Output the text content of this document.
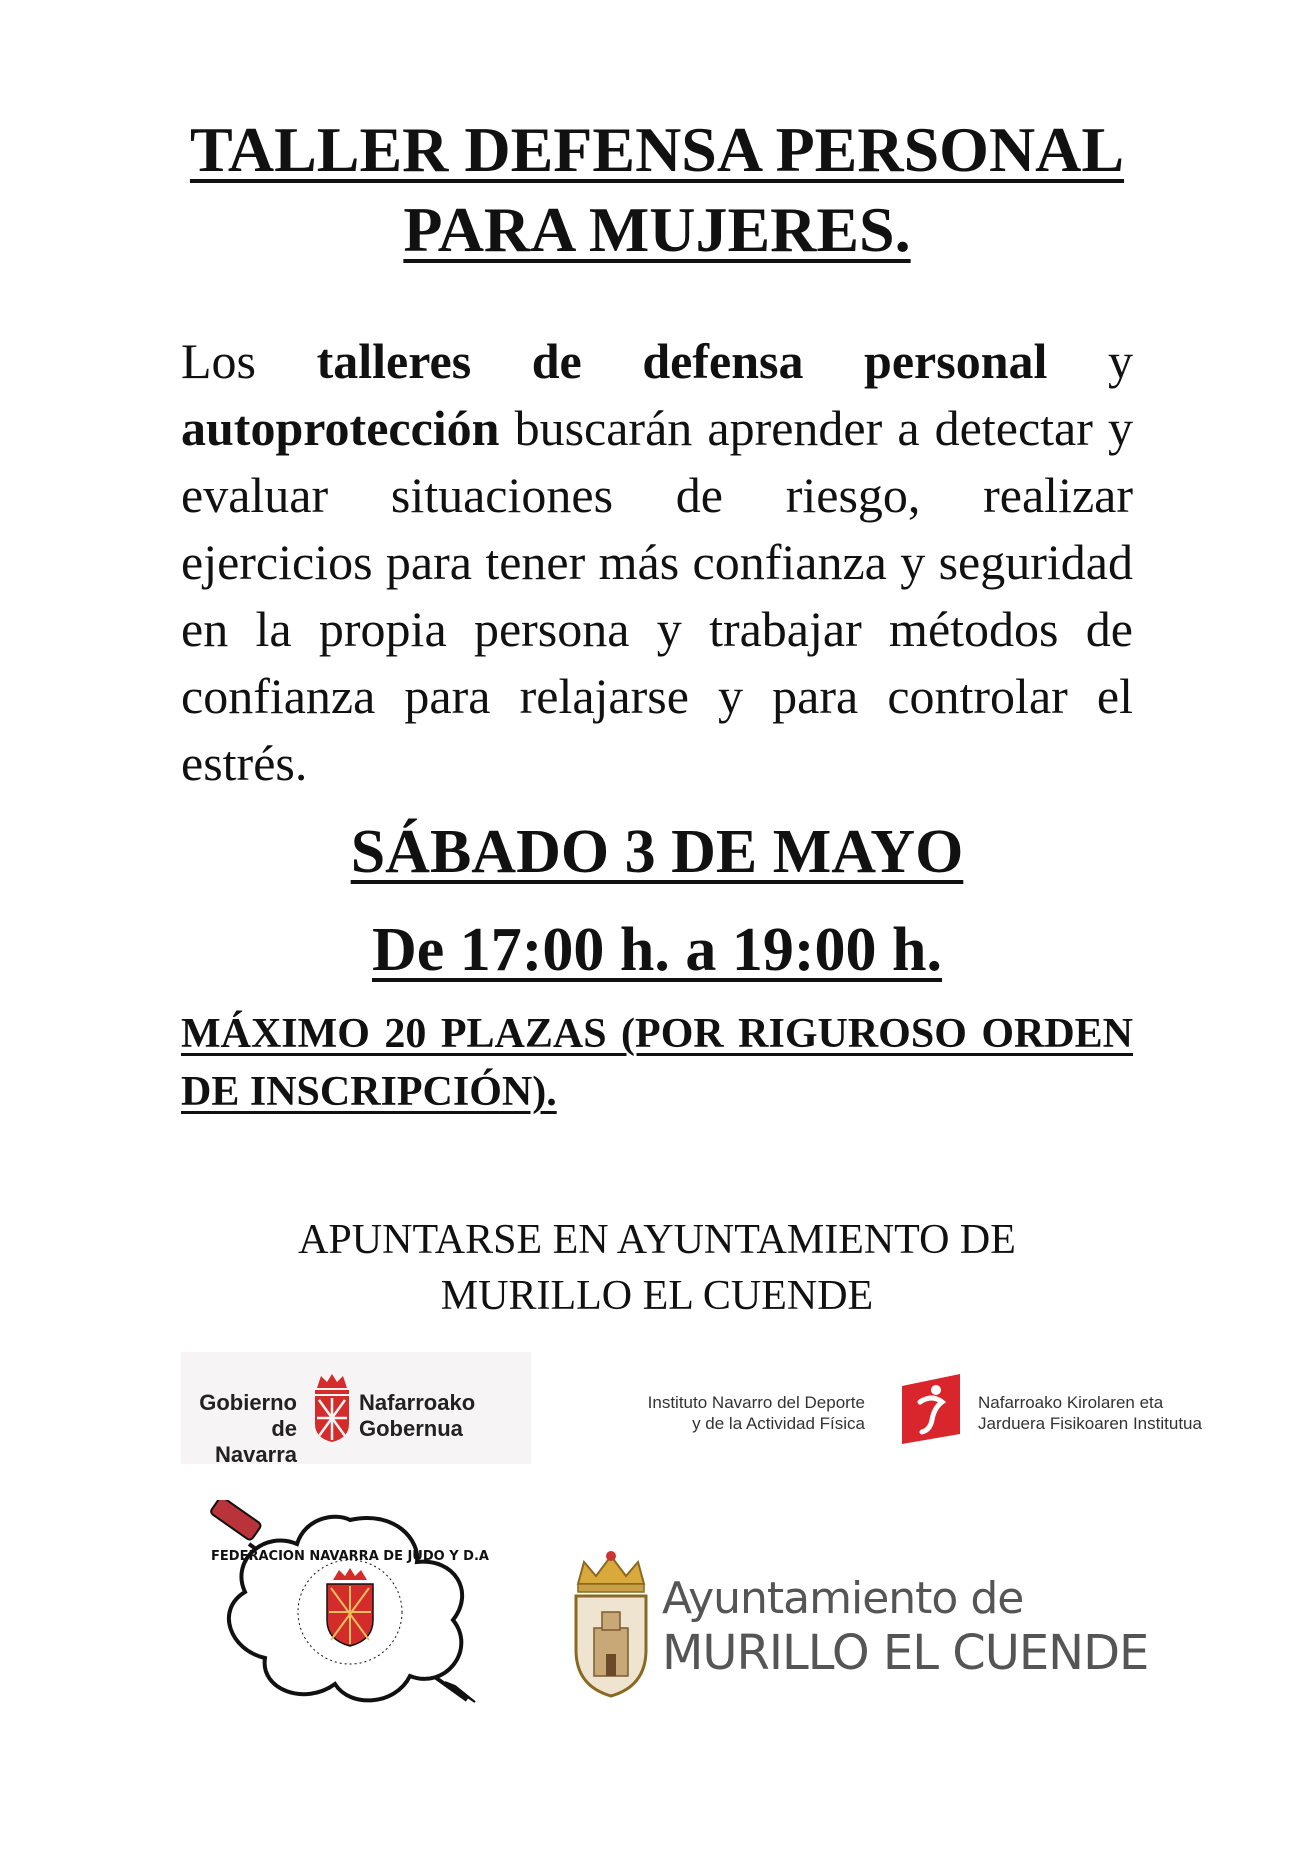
TALLER DEFENSA PERSONAL
PARA MUJERES.
Los talleres de defensa personal y autoprotección buscarán aprender a detectar y evaluar situaciones de riesgo, realizar ejercicios para tener más confianza y seguridad en la propia persona y trabajar métodos de confianza para relajarse y para controlar el estrés.
SÁBADO 3 DE MAYO
De 17:00 h. a 19:00 h.
MÁXIMO 20 PLAZAS (POR RIGUROSO ORDEN DE INSCRIPCIÓN).
APUNTARSE EN AYUNTAMIENTO DE
MURILLO EL CUENDE
Gobierno
de Navarra
Nafarroako
Gobernua
Instituto Navarro del Deporte
y de la Actividad Física
Nafarroako Kirolaren eta
Jarduera Fisikoaren Institutua
FEDERACION NAVARRA DE JUDO Y D.A
Ayuntamiento de
MURILLO EL CUENDE
